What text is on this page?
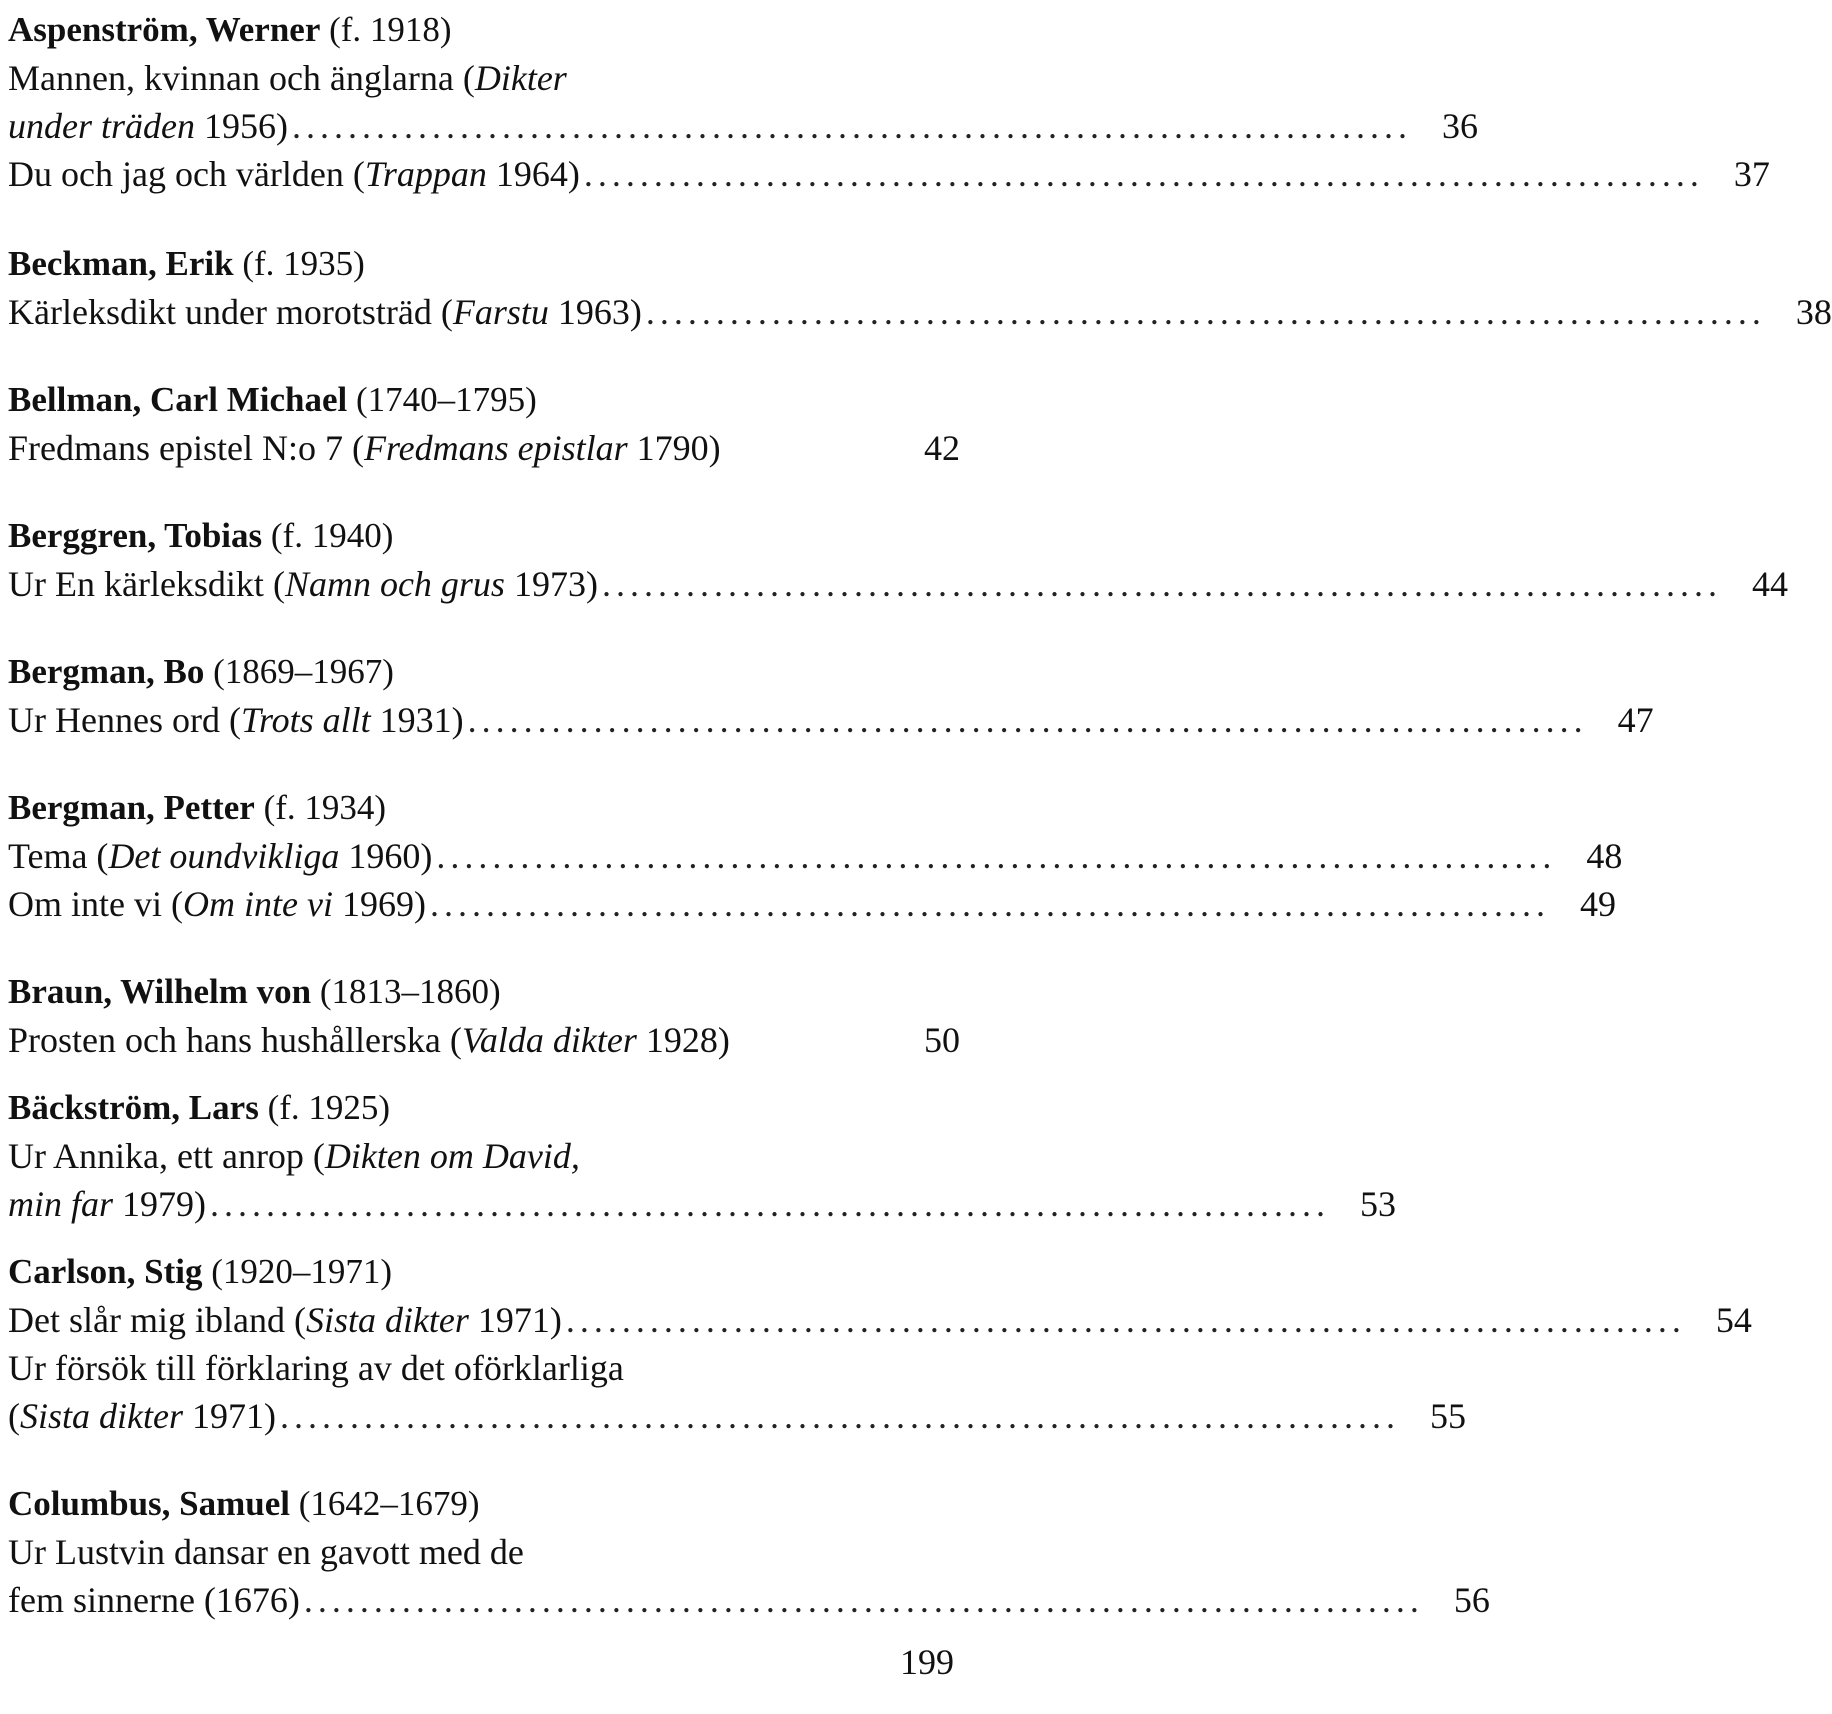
Aspenström, Werner (f. 1918)
Mannen, kvinnan och änglarna (Dikter
under träden 1956) ................................................................................ 36
Du och jag och världen (Trappan 1964) ................................................................................ 37
Beckman, Erik (f. 1935)
Kärleksdikt under morotsträd (Farstu 1963) ................................................................................ 38
Bellman, Carl Michael (1740–1795)
Fredmans epistel N:o 7 (Fredmans epistlar 1790)	42
Berggren, Tobias (f. 1940)
Ur En kärleksdikt (Namn och grus 1973) ................................................................................ 44
Bergman, Bo (1869–1967)
Ur Hennes ord (Trots allt 1931) ................................................................................ 47
Bergman, Petter (f. 1934)
Tema (Det oundvikliga 1960) ................................................................................ 48
Om inte vi (Om inte vi 1969) ................................................................................ 49
Braun, Wilhelm von (1813–1860)
Prosten och hans hushållerska (Valda dikter 1928)	50
Bäckström, Lars (f. 1925)
Ur Annika, ett anrop (Dikten om David,
min far 1979) ................................................................................ 53
Carlson, Stig (1920–1971)
Det slår mig ibland (Sista dikter 1971) ................................................................................ 54
Ur försök till förklaring av det oförklarliga
(Sista dikter 1971) ................................................................................ 55
Columbus, Samuel (1642–1679)
Ur Lustvin dansar en gavott med de
fem sinnerne (1676) ................................................................................ 56
199
